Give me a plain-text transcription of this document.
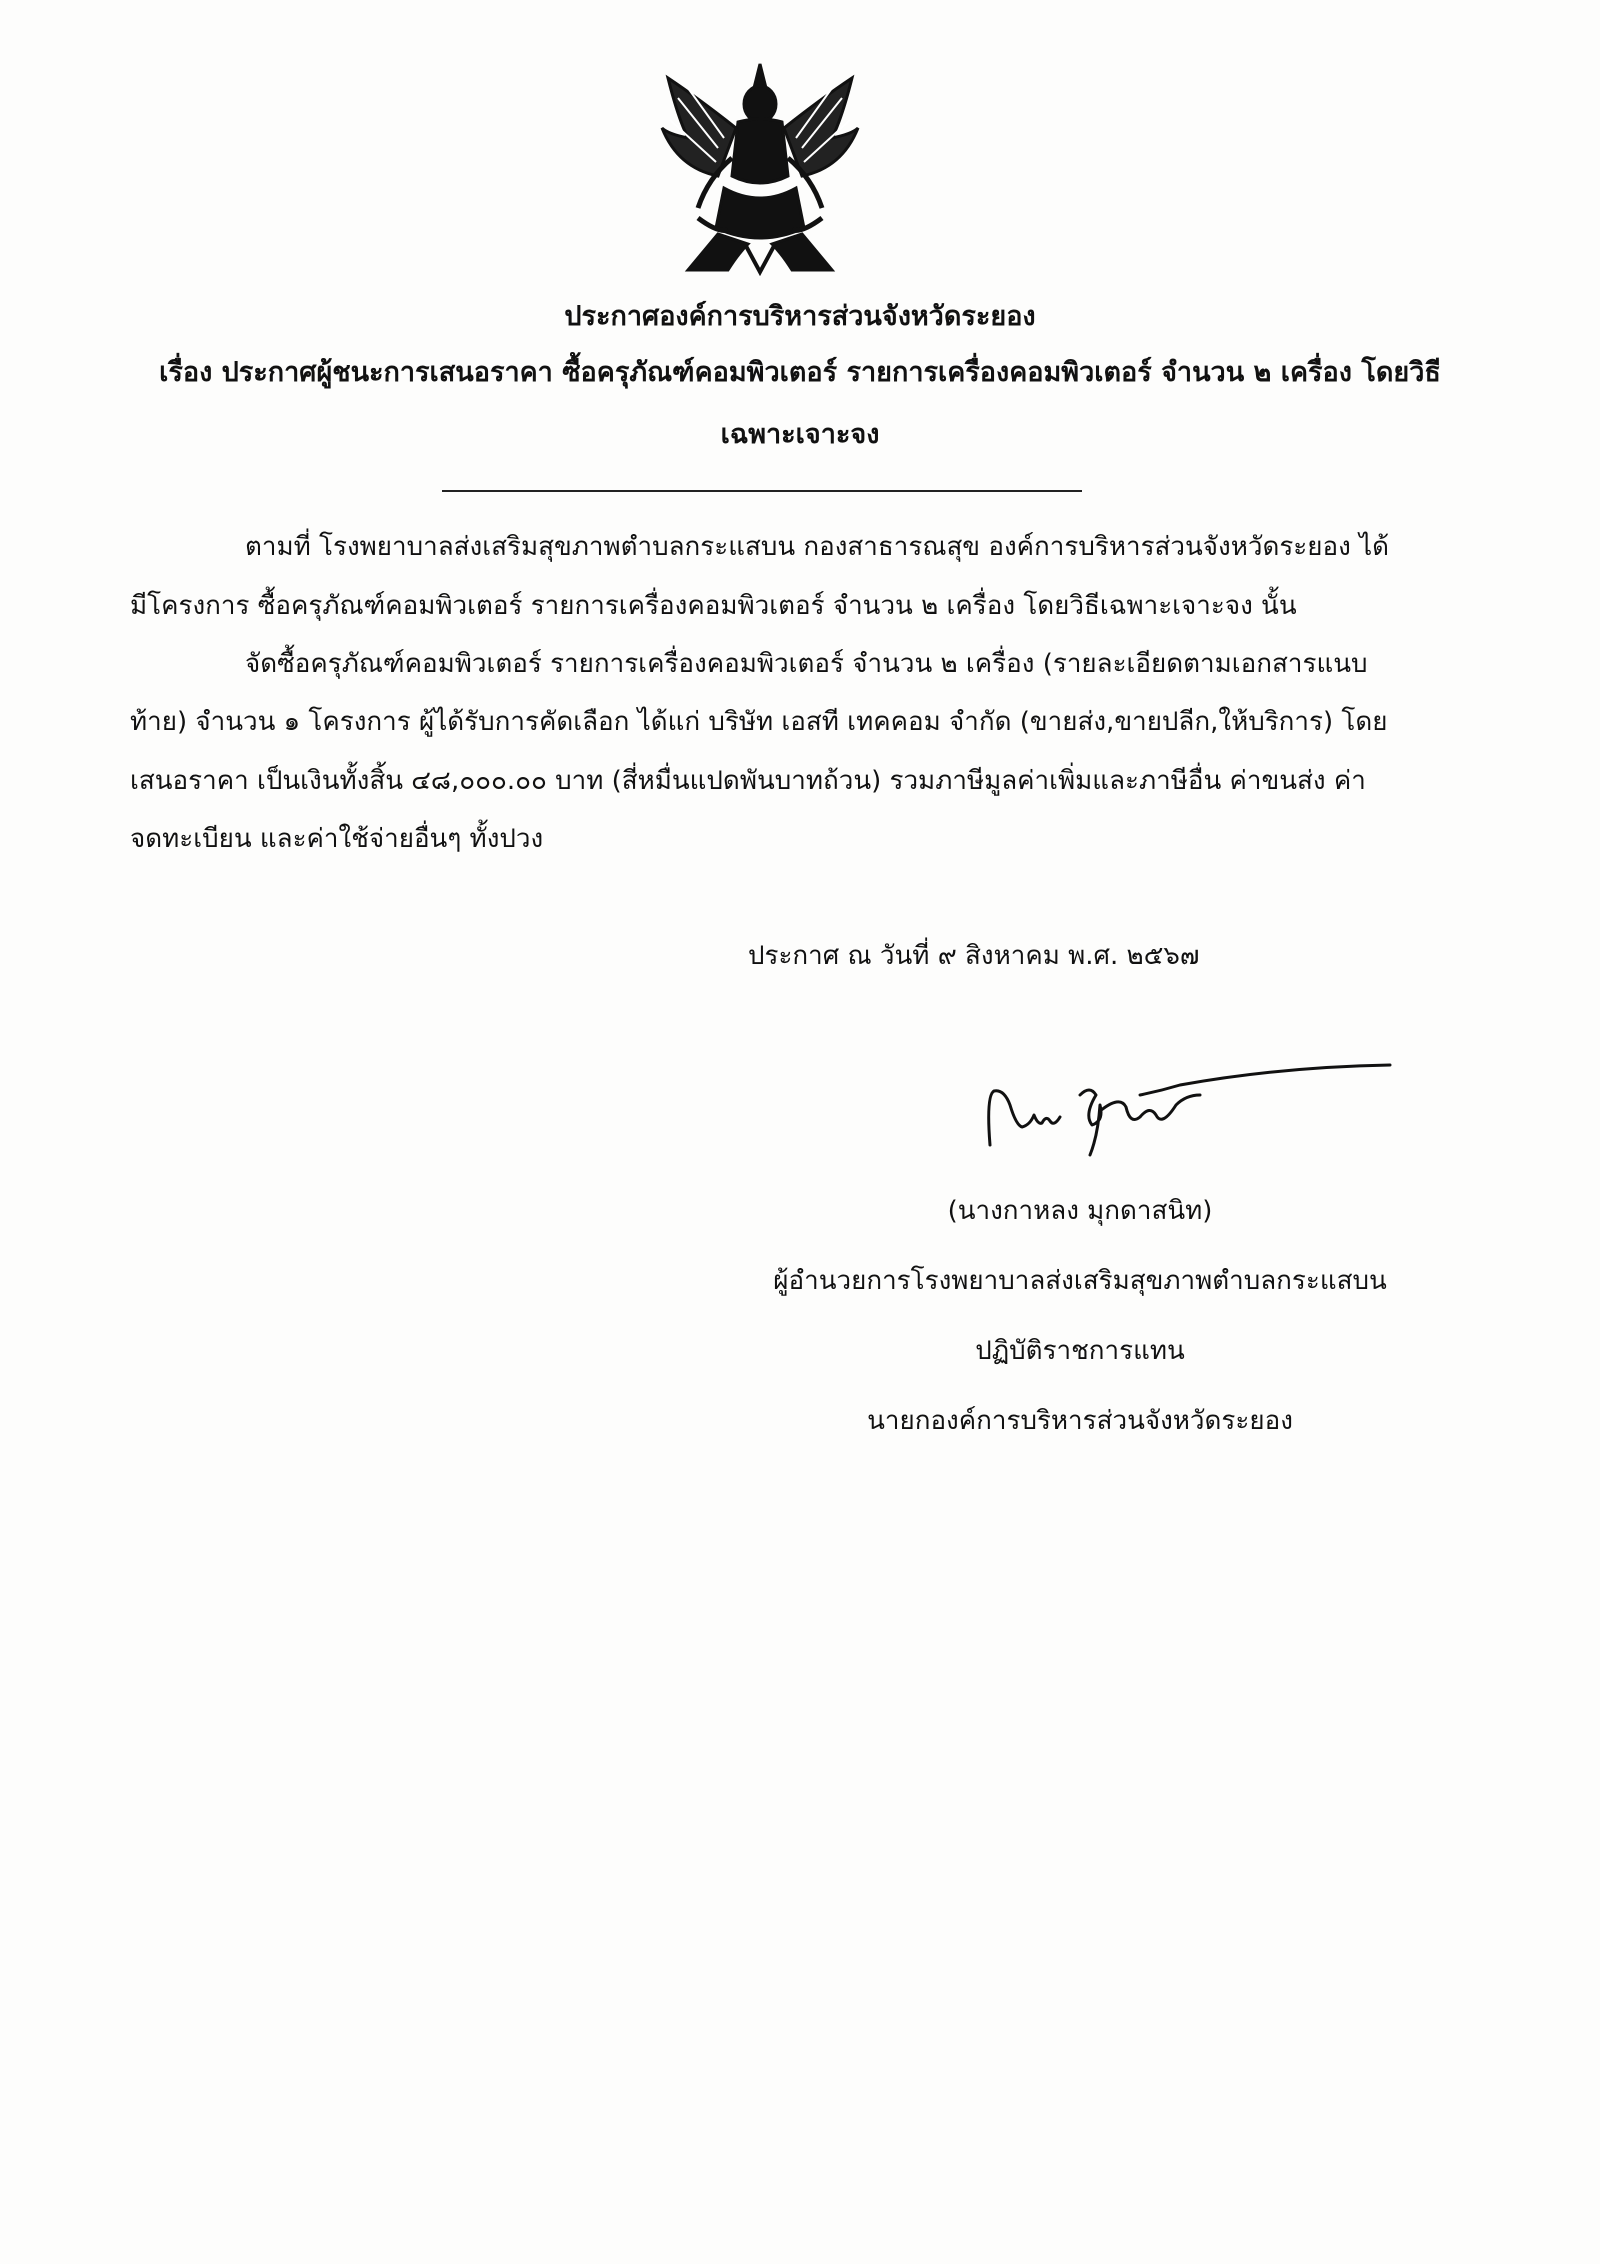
ประกาศองค์การบริหารส่วนจังหวัดระยอง
เรื่อง ประกาศผู้ชนะการเสนอราคา ซื้อครุภัณฑ์คอมพิวเตอร์ รายการเครื่องคอมพิวเตอร์ จำนวน ๒ เครื่อง โดยวิธี
เฉพาะเจาะจง
ตามที่ โรงพยาบาลส่งเสริมสุขภาพตำบลกระแสบน กองสาธารณสุข องค์การบริหารส่วนจังหวัดระยอง ได้
มีโครงการ ซื้อครุภัณฑ์คอมพิวเตอร์ รายการเครื่องคอมพิวเตอร์ จำนวน ๒ เครื่อง โดยวิธีเฉพาะเจาะจง นั้น
จัดซื้อครุภัณฑ์คอมพิวเตอร์ รายการเครื่องคอมพิวเตอร์ จำนวน ๒ เครื่อง (รายละเอียดตามเอกสารแนบ
ท้าย) จำนวน ๑ โครงการ ผู้ได้รับการคัดเลือก ได้แก่ บริษัท เอสที เทคคอม จำกัด (ขายส่ง,ขายปลีก,ให้บริการ) โดย
เสนอราคา เป็นเงินทั้งสิ้น ๔๘,๐๐๐.๐๐ บาท (สี่หมื่นแปดพันบาทถ้วน) รวมภาษีมูลค่าเพิ่มและภาษีอื่น ค่าขนส่ง ค่า
จดทะเบียน และค่าใช้จ่ายอื่นๆ ทั้งปวง
ประกาศ ณ วันที่ ๙ สิงหาคม พ.ศ. ๒๕๖๗
(นางกาหลง มุกดาสนิท)
ผู้อำนวยการโรงพยาบาลส่งเสริมสุขภาพตำบลกระแสบน
ปฏิบัติราชการแทน
นายกองค์การบริหารส่วนจังหวัดระยอง
